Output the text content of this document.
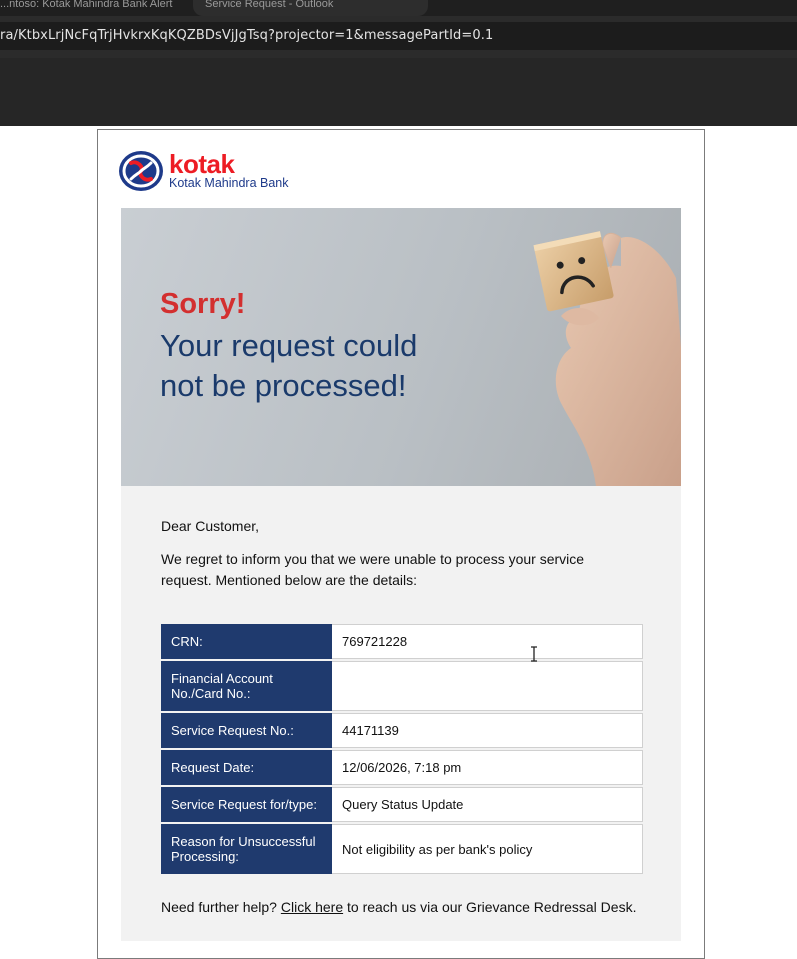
...ntoso: Kotak Mahindra Bank Alert	Service Request - Outlook
ra/KtbxLrjNcFqTrjHvkrxKqKQZBDsVjJgTsq?projector=1&messagePartId=0.1
kotak
Kotak Mahindra Bank
Sorry!
Your request could
not be processed!
Dear Customer,
We regret to inform you that we were unable to process your service request. Mentioned below are the details:
CRN:	769721228
Financial Account No./Card No.:
Service Request No.:	44171139
Request Date:	12/06/2026, 7:18 pm
Service Request for/type:	Query Status Update
Reason for Unsuccessful Processing:	Not eligibility as per bank's policy
Need further help? Click here to reach us via our Grievance Redressal Desk.
